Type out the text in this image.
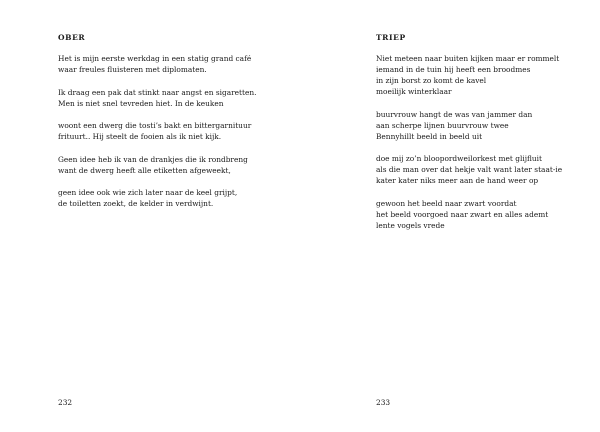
OBER

Het is mijn eerste werkdag in een statig grand café
waar freules fluisteren met diplomaten.

Ik draag een pak dat stinkt naar angst en sigaretten.
Men is niet snel tevreden hiet. In de keuken

woont een dwerg die tosti’s bakt en bittergarnituur
frituurt.. Hij steelt de fooien als ik niet kijk.

Geen idee heb ik van de drankjes die ik rondbreng
want de dwerg heeft alle etiketten afgeweekt,

geen idee ook wie zich later naar de keel grijpt,
de toiletten zoekt, de kelder in verdwijnt.

232

TRIEP

Niet meteen naar buiten kijken maar er rommelt
iemand in de tuin hij heeft een broodmes
in zijn borst zo komt de kavel
moeilijk winterklaar

buurvrouw hangt de was van jammer dan
aan scherpe lijnen buurvrouw twee
Bennyhillt beeld in beeld uit

doe mij zo’n bloopordweilorkest met glijfluit
als die man over dat hekje valt want later staat-ie
kater kater niks meer aan de hand weer op

gewoon het beeld naar zwart voordat
het beeld voorgoed naar zwart en alles ademt
lente vogels vrede

233
